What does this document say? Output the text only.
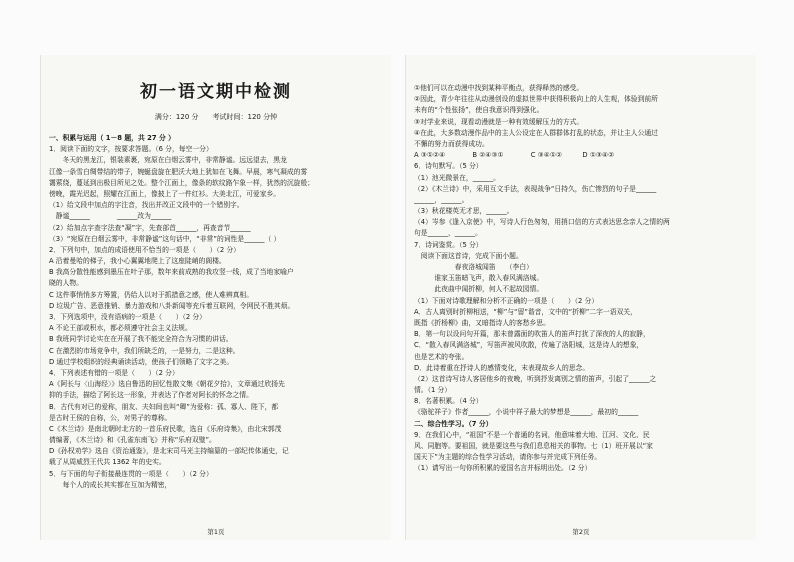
初一语文期中检测
满分：120 分　　考试时间：120 分钟
一、积累与运用（ 1－8 题，共 27 分 ）
1．阅读下面的文字，按要求答题。（6 分，每空一分）
　　冬天的黑龙江，银装素裹，宛原在白烟云雾中，非常静谧。远远望去，黑龙
江像一条雪白绸带结的带子，婉蜒盘旋在肥沃大地上犹如在飞舞。早晨，寒气凝成的雾
霭萦绕，蔓延到出极目所见之处。整个江面上，像条的软纹路乍象一样，犹然的沉旋般；
傍晚，霞光迟起，照耀在江面上，像披上了一件红衫。大美北江，可爱家乡。
（1）给文段中加点的字注音，找出并改正文段中的一个错别字。
　静谧______　　　　______改为______
（2）给加点字查字法查“凝”字，先查部首______，再查音节______
（3）“宛原在白烟云雾中，非常静谧”这句话中，“非常”的词性是______（ ）
2．下列句中，加点的成语使用不恰当的一项是（　　）（2 分）
A 沿着曼哈的梯子，我小心翼翼地爬上了这座陡峭的阁楼。
B 我高分散性能感到墨压在叶子那，数年来前成熟的我攻竖一线，成了当地家喻户
晓的人物。
C 这件事悄悄多方筹置，仍给人以对于抓措意之感，使人难辨真相。
D 垃圾广告、恶意推销、暴力游戏和八卦新闻等充斥着互联网，令网民不胜其烦。
3．下列选项中，没有语病的一项是（　　）（2 分）
A 不论王部或积水，都必须遵守社会主义法规。
B 我班同学讨论实在在开展了我不能完全符合为习惯的讲话。
C 在激烈的市场竞争中，我们所缺乏的，一是努力，二是这种。
D 通过学校组织的经典诵读活动，使孩子们领略了文字之美。
4．下列表述有错的一项是（　　）（2 分）
A《阿长与〈山海经〉》选自鲁迅的回忆性散文集《朝花夕拾》，文章通过欣扬先
抑的手法，描绘了阿长这一形象，并表达了作者对阿长的怀念之情。
B．古代有对已的爱称，朋友、夫妇间也叫“卿”为爱称：孤、寡人、陛下，都
是古时王侯的自称，公，对男子的尊称。
C《木兰诗》是南北朝时北方的一首乐府民歌，选自《乐府诗集》，由北宋郭茂
倩编著，《木兰诗》和《孔雀东南飞》并称“乐府双璧”。
D《孙权劝学》选自《资治通鉴》，是北宋司马光主持编纂的一部纪传体通史，记
载了从周威烈王代共 1362 年的史实。
5．与下面的句子衔接最连贯的一项是（　　）（2 分）
　　每个人的成长其实都在互加为精密，
第1页
①他们可以在动漫中找到某种平衡点，获得释然的感受。
②因此，青少年往往从动漫创设的虚拟世界中获得积极向上的人生观，体验到前所
未有的“个性张扬”，使自我意识得到强化。
③对学业来说，现看动漫就是一种有效缓解压力的方式。
④在此，大多数动漫作品中的主人公设定在人群群体打乱的状态，并让主人公通过
不懈的努力而获得成功。
A ③①②④　　　　B ②④③①　　　　C ③④①②　　　D ①③④②
6．诗句默写。（5 分）
（1）池光微景在，______。
（2）《木兰诗》中，采用互文手法，表现战争“日持久，伤亡惨烈的句子是______
______，______。
（3）秋花楼英无才思，______。
（4）岑参《逢入京使》中，写诗人行色匆匆，用捎口信的方式表达思念亲人之情的两
句是______，______。
7．诗词鉴赏。（5 分）
　阅读下面这首诗，完成下面小题。
　　　　　　春夜洛城闻笛　　（李白）
　　　谁家玉笛暗飞声，散入春风满洛城。
　　　此夜曲中闻折柳，何人不起故园情。
（1）下面对诗歌理解和分析不正确的一项是（　　）（2 分）
A．古人离别时折柳相送，“柳”与“留”谐音，文中的“折柳”二字一语双关，
既指《折杨柳》曲，又暗指诗人的客愁乡思。
B．第一句以设问句开篇，那未曾露面的吹笛人的笛声打扰了深夜的人的寂静，
C．“散入春风满洛城”，写笛声被风吹散，传遍了洛阳城，这是诗人的想象，
也是艺术的夸张。
D．此诗着重在抒诗人的感情变化，末表现故乡人的思念。
（2）这首诗写诗人客居他乡的夜晚，听到抒发离别之情的笛声，引起了______之
情。（1 分）
8．名著积累。（4 分）
《骆驼祥子》作者______，小说中祥子最大的梦想是______，最初的______
二、综合性学习。（7 分）
9．在我们心中，“祖国”不是一个普通的名词，他意味着大地、江河、文化、民
风、同胞等。要祖国，就是要这些与我们息息相关的事物。七（1）班开展以“家
国天下”为主题的综合性学习活动，请你参与并完成下列任务。
（1）请写出一句你所积累的爱国名言并标明出处。（2 分）
第2页
